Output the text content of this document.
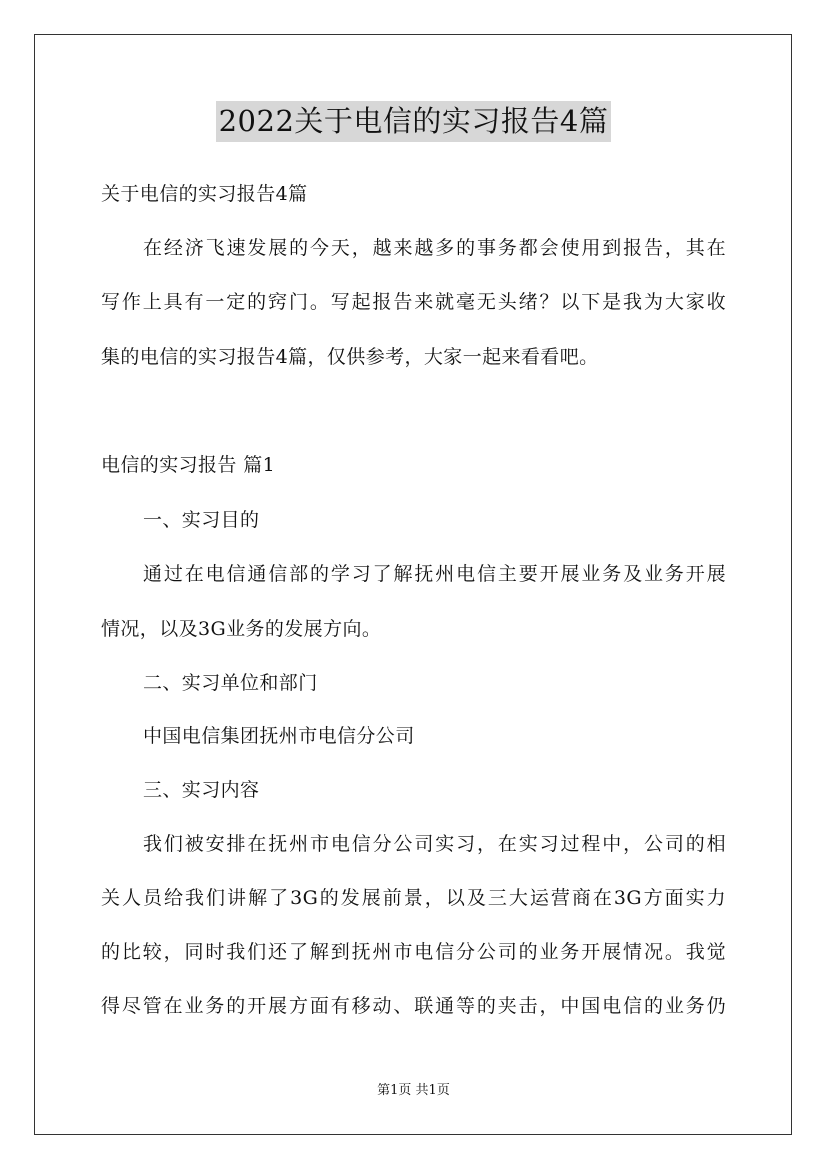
2022关于电信的实习报告4篇
关于电信的实习报告4篇
在经济飞速发展的今天，越来越多的事务都会使用到报告，其在
写作上具有一定的窍门。写起报告来就毫无头绪？以下是我为大家收
集的电信的实习报告4篇，仅供参考，大家一起来看看吧。
电信的实习报告 篇1
一、实习目的
通过在电信通信部的学习了解抚州电信主要开展业务及业务开展
情况，以及3G业务的发展方向。
二、实习单位和部门
中国电信集团抚州市电信分公司
三、实习内容
我们被安排在抚州市电信分公司实习，在实习过程中，公司的相
关人员给我们讲解了3G的发展前景，以及三大运营商在3G方面实力
的比较，同时我们还了解到抚州市电信分公司的业务开展情况。我觉
得尽管在业务的开展方面有移动、联通等的夹击，中国电信的业务仍
第1页 共1页
